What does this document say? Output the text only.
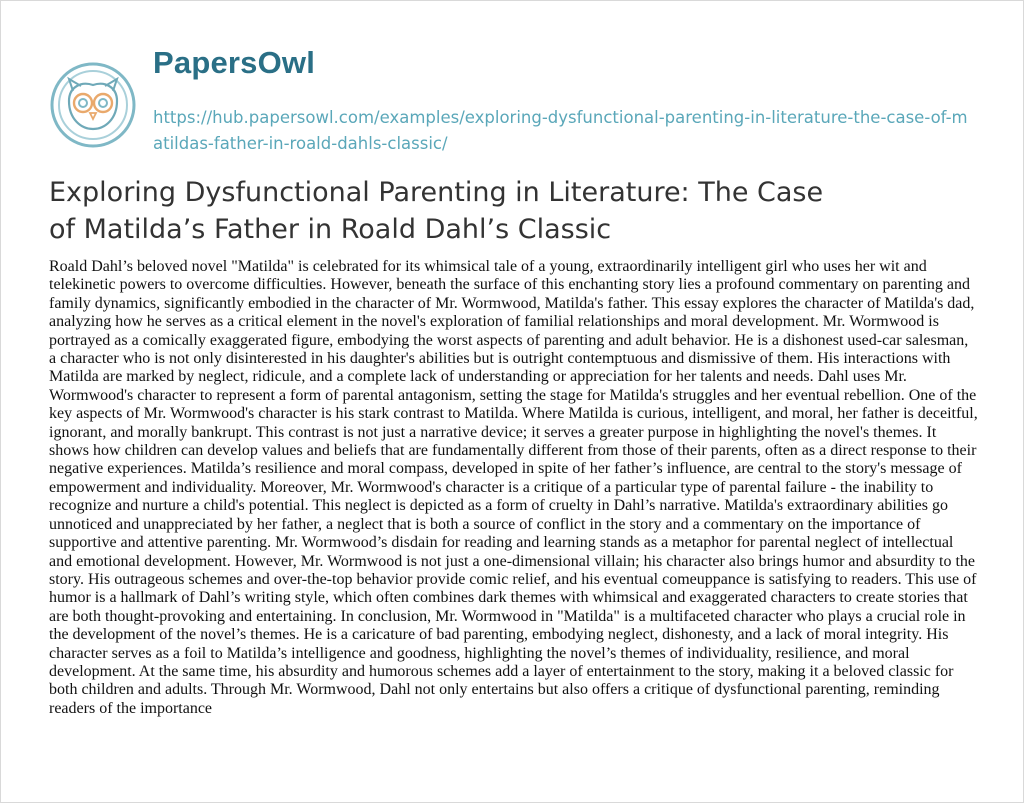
PapersOwl
https://hub.papersowl.com/examples/exploring-dysfunctional-parenting-in-literature-the-case-of-matildas-father-in-roald-dahls-classic/
Exploring Dysfunctional Parenting in Literature: The Case of Matilda’s Father in Roald Dahl’s Classic

Roald Dahl’s beloved novel "Matilda" is celebrated for its whimsical tale of a young, extraordinarily intelligent girl who uses her wit and telekinetic powers to overcome difficulties. However, beneath the surface of this enchanting story lies a profound commentary on parenting and family dynamics, significantly embodied in the character of Mr. Wormwood, Matilda's father. This essay explores the character of Matilda's dad, analyzing how he serves as a critical element in the novel's exploration of familial relationships and moral development. Mr. Wormwood is portrayed as a comically exaggerated figure, embodying the worst aspects of parenting and adult behavior. He is a dishonest used-car salesman, a character who is not only disinterested in his daughter's abilities but is outright contemptuous and dismissive of them. His interactions with Matilda are marked by neglect, ridicule, and a complete lack of understanding or appreciation for her talents and needs. Dahl uses Mr. Wormwood's character to represent a form of parental antagonism, setting the stage for Matilda's struggles and her eventual rebellion. One of the key aspects of Mr. Wormwood's character is his stark contrast to Matilda. Where Matilda is curious, intelligent, and moral, her father is deceitful, ignorant, and morally bankrupt. This contrast is not just a narrative device; it serves a greater purpose in highlighting the novel's themes. It shows how children can develop values and beliefs that are fundamentally different from those of their parents, often as a direct response to their negative experiences. Matilda’s resilience and moral compass, developed in spite of her father’s influence, are central to the story's message of empowerment and individuality. Moreover, Mr. Wormwood's character is a critique of a particular type of parental failure - the inability to recognize and nurture a child's potential. This neglect is depicted as a form of cruelty in Dahl’s narrative. Matilda's extraordinary abilities go unnoticed and unappreciated by her father, a neglect that is both a source of conflict in the story and a commentary on the importance of supportive and attentive parenting. Mr. Wormwood’s disdain for reading and learning stands as a metaphor for parental neglect of intellectual and emotional development. However, Mr. Wormwood is not just a one-dimensional villain; his character also brings humor and absurdity to the story. His outrageous schemes and over-the-top behavior provide comic relief, and his eventual comeuppance is satisfying to readers. This use of humor is a hallmark of Dahl’s writing style, which often combines dark themes with whimsical and exaggerated characters to create stories that are both thought-provoking and entertaining. In conclusion, Mr. Wormwood in "Matilda" is a multifaceted character who plays a crucial role in the development of the novel’s themes. He is a caricature of bad parenting, embodying neglect, dishonesty, and a lack of moral integrity. His character serves as a foil to Matilda’s intelligence and goodness, highlighting the novel’s themes of individuality, resilience, and moral development. At the same time, his absurdity and humorous schemes add a layer of entertainment to the story, making it a beloved classic for both children and adults. Through Mr. Wormwood, Dahl not only entertains but also offers a critique of dysfunctional parenting, reminding readers of the importance
